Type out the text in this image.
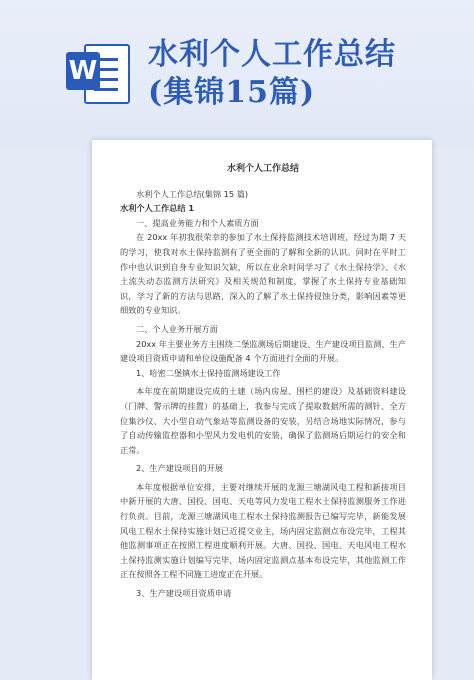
W 水利个人工作总结
(集锦15篇)
水利个人工作总结

水利个人工作总结(集锦 15 篇)

水利个人工作总结 1

一、提高业务能力和个人素质方面

在 20xx 年初我很荣幸的参加了水土保持监测技术培训班，经过为期 7 天的学习，使我对水土保持监测有了更全面的了解和全新的认识。同时在平时工作中也认识到自身专业知识欠缺，所以在业余时间学习了《水土保持学》、《水土流失动态监测方法研究》及相关规范和制度，掌握了水土保持专业基础知识，学习了新的方法与思路，深入的了解了水土保持侵蚀分类，影响因素等更细致的专业知识。

二、个人业务开展方面

20xx 年主要业务方主围绕二堡监测场后期建设、生产建设项目监测、生产建设项目资质申请和单位设施配备 4 个方面进行全面的开展。

1、哈密二堡镇水土保持监测场建设工作

本年度在前期建设完成的土建（场内房屋、围栏的建设）及基础资料建设（门牌、警示牌的挂置）的基础上，我参与完成了提取数据所需的测针、全方位集沙仪、大小型自动气象站等监测设备的安装，另结合场地实际情况，参与了自动传输监控器和小型风力发电机的安装，确保了监测场后期运行的安全和正常。

2、生产建设项目的开展

本年度根据单位安排，主要对继续开展的龙源三塘湖风电工程和新接项目中新开展的大唐、国投、国电、天电等风力发电工程水土保持监测服务工作进行负责。目前，龙源三塘湖风电工程水土保持监测报告已编写完毕，新能发展风电工程水土保持实施计划已近提交业主，场内固定监测点布设完毕，工程其他监测事项正在按照工程进度顺利开展。大唐、国投、国电、天电风电工程水土保持监测实施计划编写完毕，场内固定监测点基本布设完毕，其他监测工作正在按照各工程不同施工进度正在开展。

3、生产建设项目资质申请
